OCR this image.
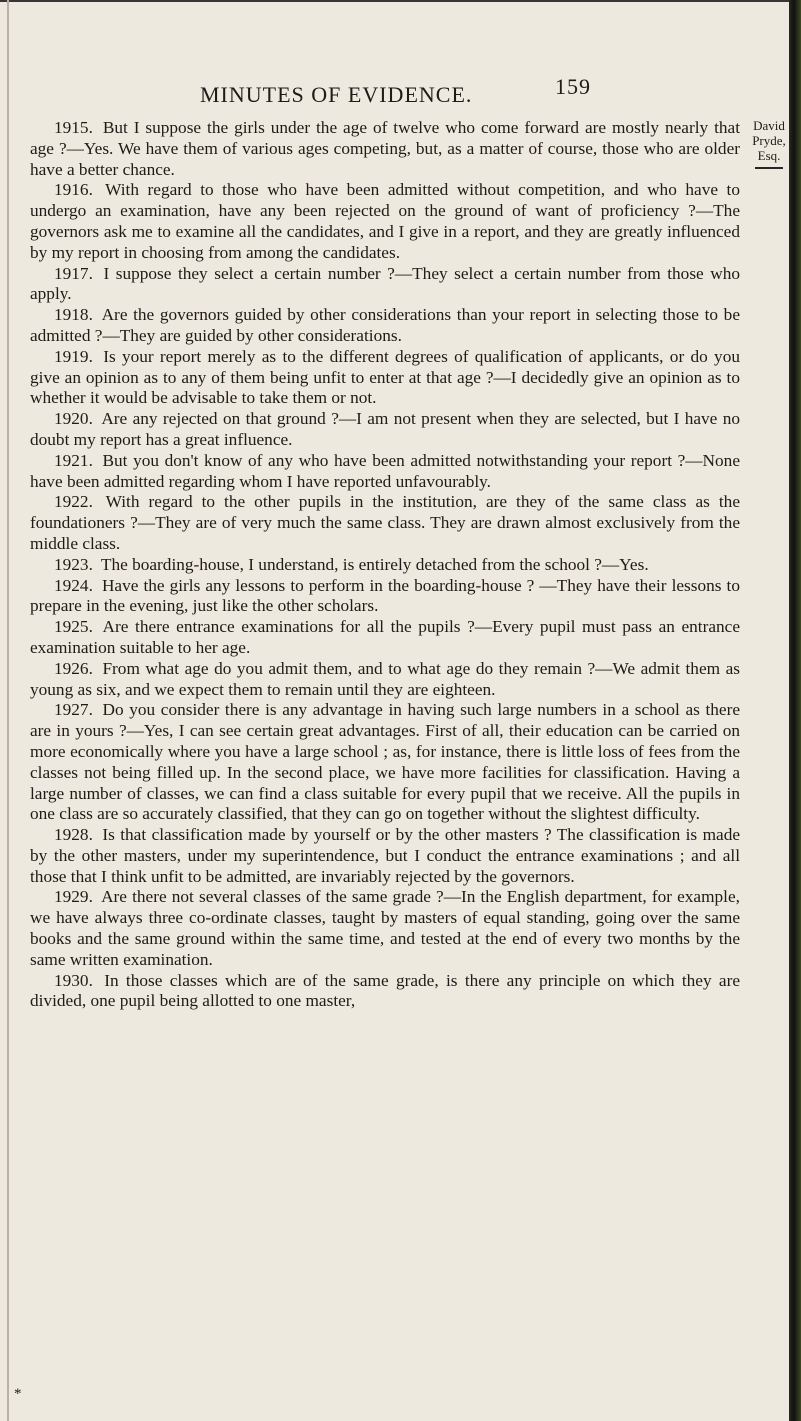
MINUTES OF EVIDENCE.	159
David
Pryde,
Esq.

1915. But I suppose the girls under the age of twelve who come forward are mostly nearly that age ?—Yes. We have them of various ages competing, but, as a matter of course, those who are older have a better chance.

1916. With regard to those who have been admitted without competition, and who have to undergo an examination, have any been rejected on the ground of want of proficiency ?—The governors ask me to examine all the candidates, and I give in a report, and they are greatly influenced by my report in choosing from among the candidates.

1917. I suppose they select a certain number ?—They select a certain number from those who apply.

1918. Are the governors guided by other considerations than your report in selecting those to be admitted ?—They are guided by other considerations.

1919. Is your report merely as to the different degrees of qualification of applicants, or do you give an opinion as to any of them being unfit to enter at that age ?—I decidedly give an opinion as to whether it would be advisable to take them or not.

1920. Are any rejected on that ground ?—I am not present when they are selected, but I have no doubt my report has a great influence.

1921. But you don't know of any who have been admitted notwithstanding your report ?—None have been admitted regarding whom I have reported unfavourably.

1922. With regard to the other pupils in the institution, are they of the same class as the foundationers ?—They are of very much the same class. They are drawn almost exclusively from the middle class.

1923. The boarding-house, I understand, is entirely detached from the school ?—Yes.

1924. Have the girls any lessons to perform in the boarding-house ? —They have their lessons to prepare in the evening, just like the other scholars.

1925. Are there entrance examinations for all the pupils ?—Every pupil must pass an entrance examination suitable to her age.

1926. From what age do you admit them, and to what age do they remain ?—We admit them as young as six, and we expect them to remain until they are eighteen.

1927. Do you consider there is any advantage in having such large numbers in a school as there are in yours ?—Yes, I can see certain great advantages. First of all, their education can be carried on more economically where you have a large school ; as, for instance, there is little loss of fees from the classes not being filled up. In the second place, we have more facilities for classification. Having a large number of classes, we can find a class suitable for every pupil that we receive. All the pupils in one class are so accurately classified, that they can go on together without the slightest difficulty.

1928. Is that classification made by yourself or by the other masters ? The classification is made by the other masters, under my superintendence, but I conduct the entrance examinations ; and all those that I think unfit to be admitted, are invariably rejected by the governors.

1929. Are there not several classes of the same grade ?—In the English department, for example, we have always three co-ordinate classes, taught by masters of equal standing, going over the same books and the same ground within the same time, and tested at the end of every two months by the same written examination.

1930. In those classes which are of the same grade, is there any principle on which they are divided, one pupil being allotted to one master,

*
